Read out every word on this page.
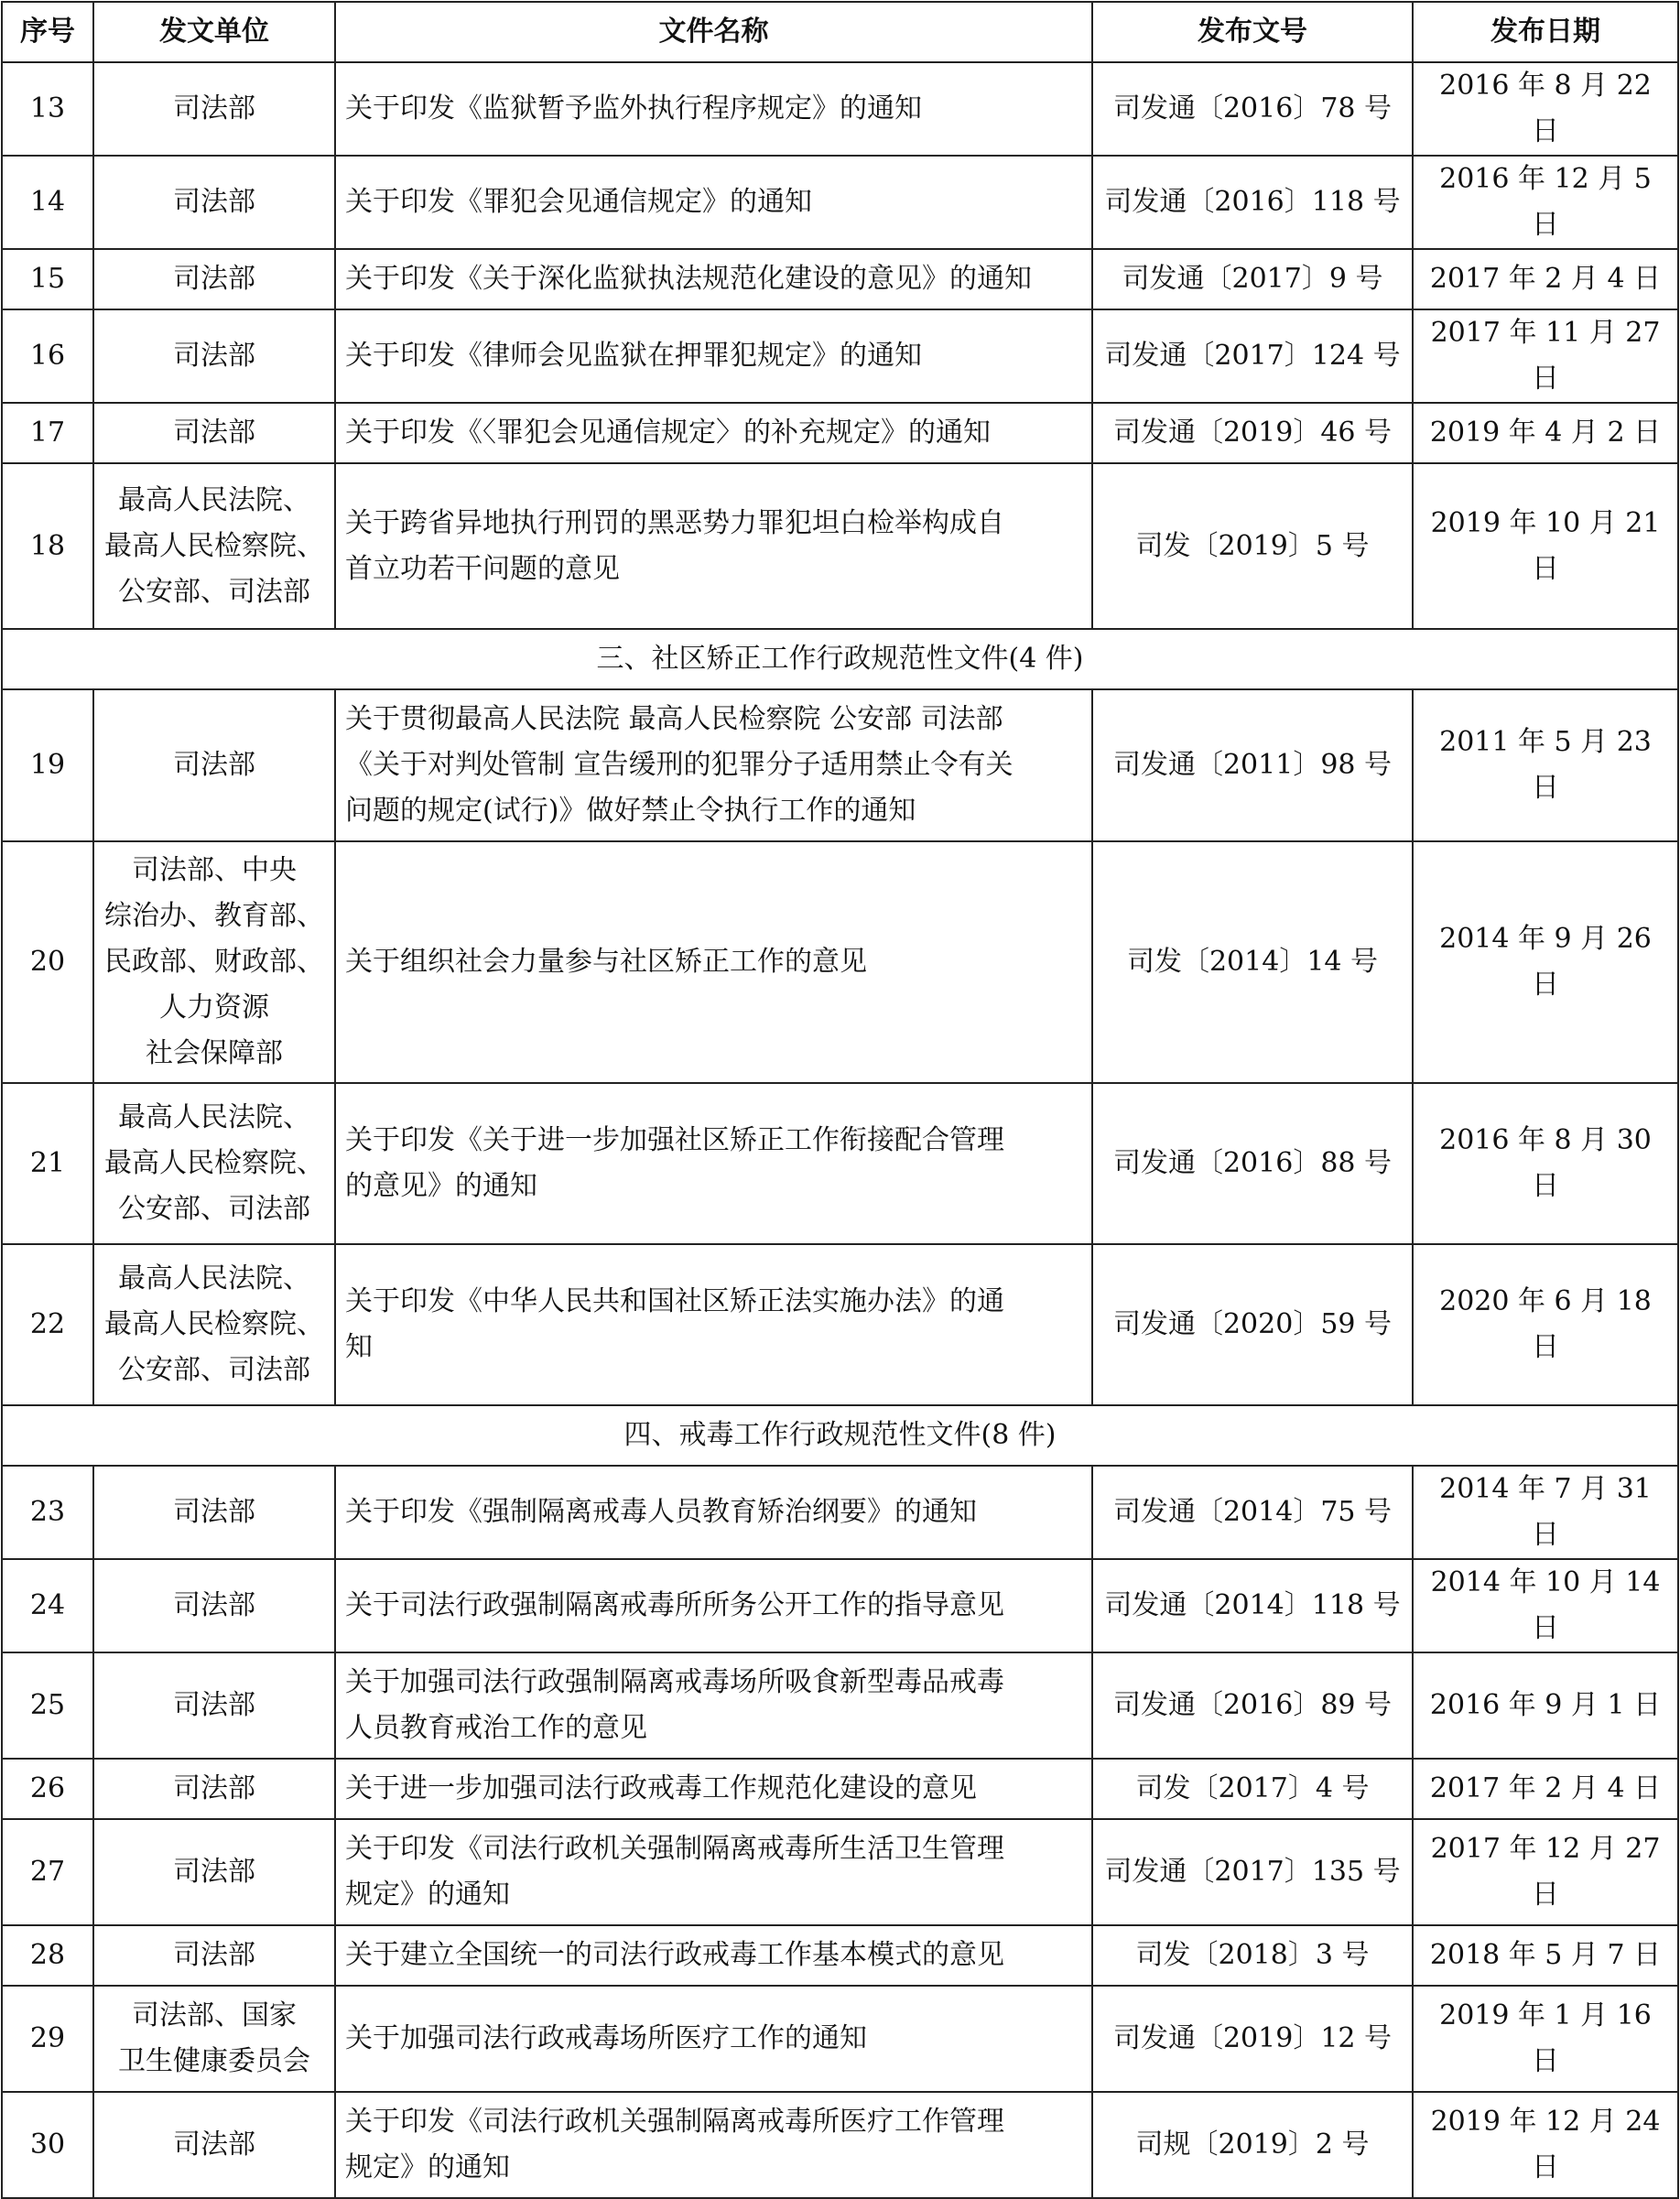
序号	发文单位	文件名称	发布文号	发布日期
13	司法部	关于印发《监狱暂予监外执行程序规定》的通知	司发通〔2016〕78 号	2016 年 8 月 22 日
14	司法部	关于印发《罪犯会见通信规定》的通知	司发通〔2016〕118 号	2016 年 12 月 5 日
15	司法部	关于印发《关于深化监狱执法规范化建设的意见》的通知	司发通〔2017〕9 号	2017 年 2 月 4 日
16	司法部	关于印发《律师会见监狱在押罪犯规定》的通知	司发通〔2017〕124 号	2017 年 11 月 27 日
17	司法部	关于印发《〈罪犯会见通信规定〉的补充规定》的通知	司发通〔2019〕46 号	2019 年 4 月 2 日
18	最高人民法院、
最高人民检察院、
公安部、司法部	关于跨省异地执行刑罚的黑恶势力罪犯坦白检举构成自
首立功若干问题的意见	司发〔2019〕5 号	2019 年 10 月 21 日
三、社区矫正工作行政规范性文件(4 件)				
19	司法部	关于贯彻最高人民法院 最高人民检察院 公安部 司法部
《关于对判处管制 宣告缓刑的犯罪分子适用禁止令有关
问题的规定(试行)》做好禁止令执行工作的通知	司发通〔2011〕98 号	2011 年 5 月 23 日
20	司法部、中央
综治办、教育部、
民政部、财政部、
人力资源
社会保障部	关于组织社会力量参与社区矫正工作的意见	司发〔2014〕14 号	2014 年 9 月 26 日
21	最高人民法院、
最高人民检察院、
公安部、司法部	关于印发《关于进一步加强社区矫正工作衔接配合管理
的意见》的通知	司发通〔2016〕88 号	2016 年 8 月 30 日
22	最高人民法院、
最高人民检察院、
公安部、司法部	关于印发《中华人民共和国社区矫正法实施办法》的通
知	司发通〔2020〕59 号	2020 年 6 月 18 日
四、戒毒工作行政规范性文件(8 件)				
23	司法部	关于印发《强制隔离戒毒人员教育矫治纲要》的通知	司发通〔2014〕75 号	2014 年 7 月 31 日
24	司法部	关于司法行政强制隔离戒毒所所务公开工作的指导意见	司发通〔2014〕118 号	2014 年 10 月 14 日
25	司法部	关于加强司法行政强制隔离戒毒场所吸食新型毒品戒毒
人员教育戒治工作的意见	司发通〔2016〕89 号	2016 年 9 月 1 日
26	司法部	关于进一步加强司法行政戒毒工作规范化建设的意见	司发〔2017〕4 号	2017 年 2 月 4 日
27	司法部	关于印发《司法行政机关强制隔离戒毒所生活卫生管理
规定》的通知	司发通〔2017〕135 号	2017 年 12 月 27 日
28	司法部	关于建立全国统一的司法行政戒毒工作基本模式的意见	司发〔2018〕3 号	2018 年 5 月 7 日
29	司法部、国家
卫生健康委员会	关于加强司法行政戒毒场所医疗工作的通知	司发通〔2019〕12 号	2019 年 1 月 16 日
30	司法部	关于印发《司法行政机关强制隔离戒毒所医疗工作管理
规定》的通知	司规〔2019〕2 号	2019 年 12 月 24 日
